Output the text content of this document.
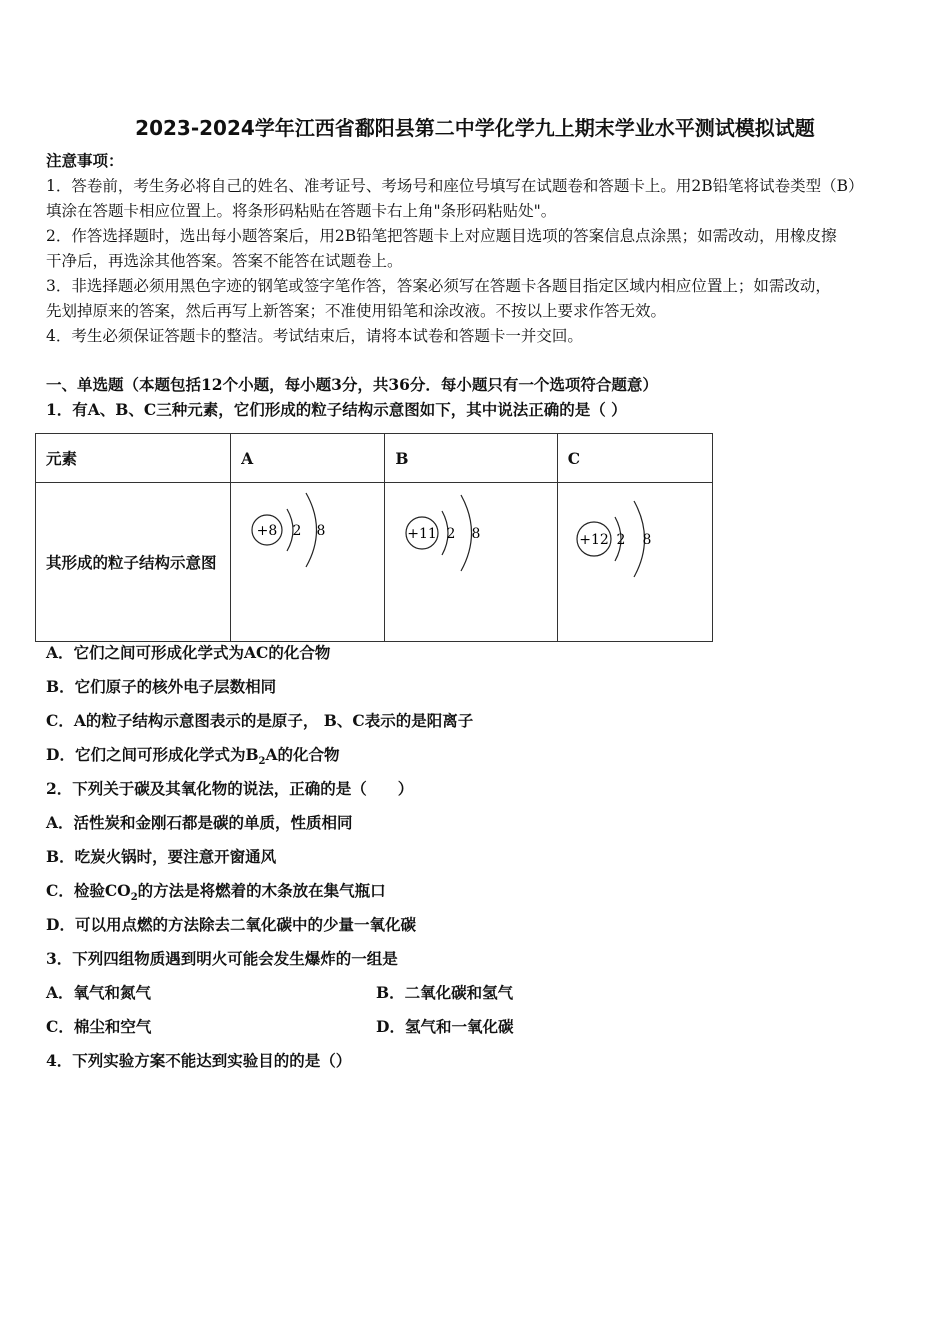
2023-2024学年江西省鄱阳县第二中学化学九上期末学业水平测试模拟试题
注意事项：
1．答卷前，考生务必将自己的姓名、准考证号、考场号和座位号填写在试题卷和答题卡上。用2B铅笔将试卷类型（B）
填涂在答题卡相应位置上。将条形码粘贴在答题卡右上角"条形码粘贴处"。
2．作答选择题时，选出每小题答案后，用2B铅笔把答题卡上对应题目选项的答案信息点涂黑；如需改动，用橡皮擦
干净后，再选涂其他答案。答案不能答在试题卷上。
3．非选择题必须用黑色字迹的钢笔或签字笔作答，答案必须写在答题卡各题目指定区域内相应位置上；如需改动，
先划掉原来的答案，然后再写上新答案；不准使用铅笔和涂改液。不按以上要求作答无效。
4．考生必须保证答题卡的整洁。考试结束后，请将本试卷和答题卡一并交回。
一、单选题（本题包括12个小题，每小题3分，共36分．每小题只有一个选项符合题意）
1．有A、B、C三种元素，它们形成的粒子结构示意图如下，其中说法正确的是（ ）
元素	A	B	C
其形成的粒子结构示意图	+8 2 8	+11 2 8	+12 2 8
A．它们之间可形成化学式为AC的化合物
B．它们原子的核外电子层数相同
C．A的粒子结构示意图表示的是原子， B、C表示的是阳离子
D．它们之间可形成化学式为$B_2A$的化合物
2．下列关于碳及其氧化物的说法，正确的是（　　）
A．活性炭和金刚石都是碳的单质，性质相同
B．吃炭火锅时，要注意开窗通风
C．检验$CO_2$的方法是将燃着的木条放在集气瓶口
D．可以用点燃的方法除去二氧化碳中的少量一氧化碳
3．下列四组物质遇到明火可能会发生爆炸的一组是
A．氧气和氮气	B．二氧化碳和氢气
C．棉尘和空气	D．氢气和一氧化碳
4．下列实验方案不能达到实验目的的是（）
